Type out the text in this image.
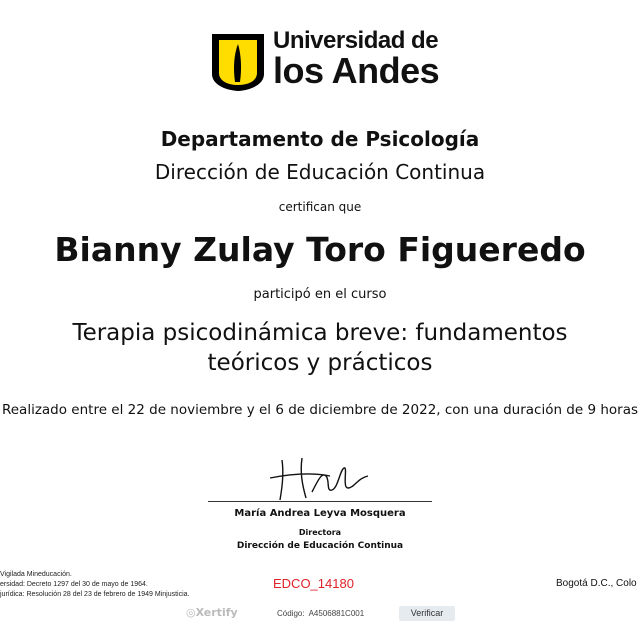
Universidad de
los Andes
Departamento de Psicología
Dirección de Educación Continua
certifican que
Bianny Zulay Toro Figueredo
participó en el curso
Terapia psicodinámica breve: fundamentos
teóricos y prácticos
Realizado entre el 22 de noviembre y el 6 de diciembre de 2022, con una duración de 9 horas
María Andrea Leyva Mosquera
Directora
Dirección de Educación Continua
Vigilada Mineducación.
ersidad: Decreto 1297 del 30 de mayo de 1964.
jurídica: Resolución 28 del 23 de febrero de 1949 Minjusticia.
EDCO_14180	Bogotá D.C., Colo
◎Xertify	Código:  A4506881C001	Verificar
